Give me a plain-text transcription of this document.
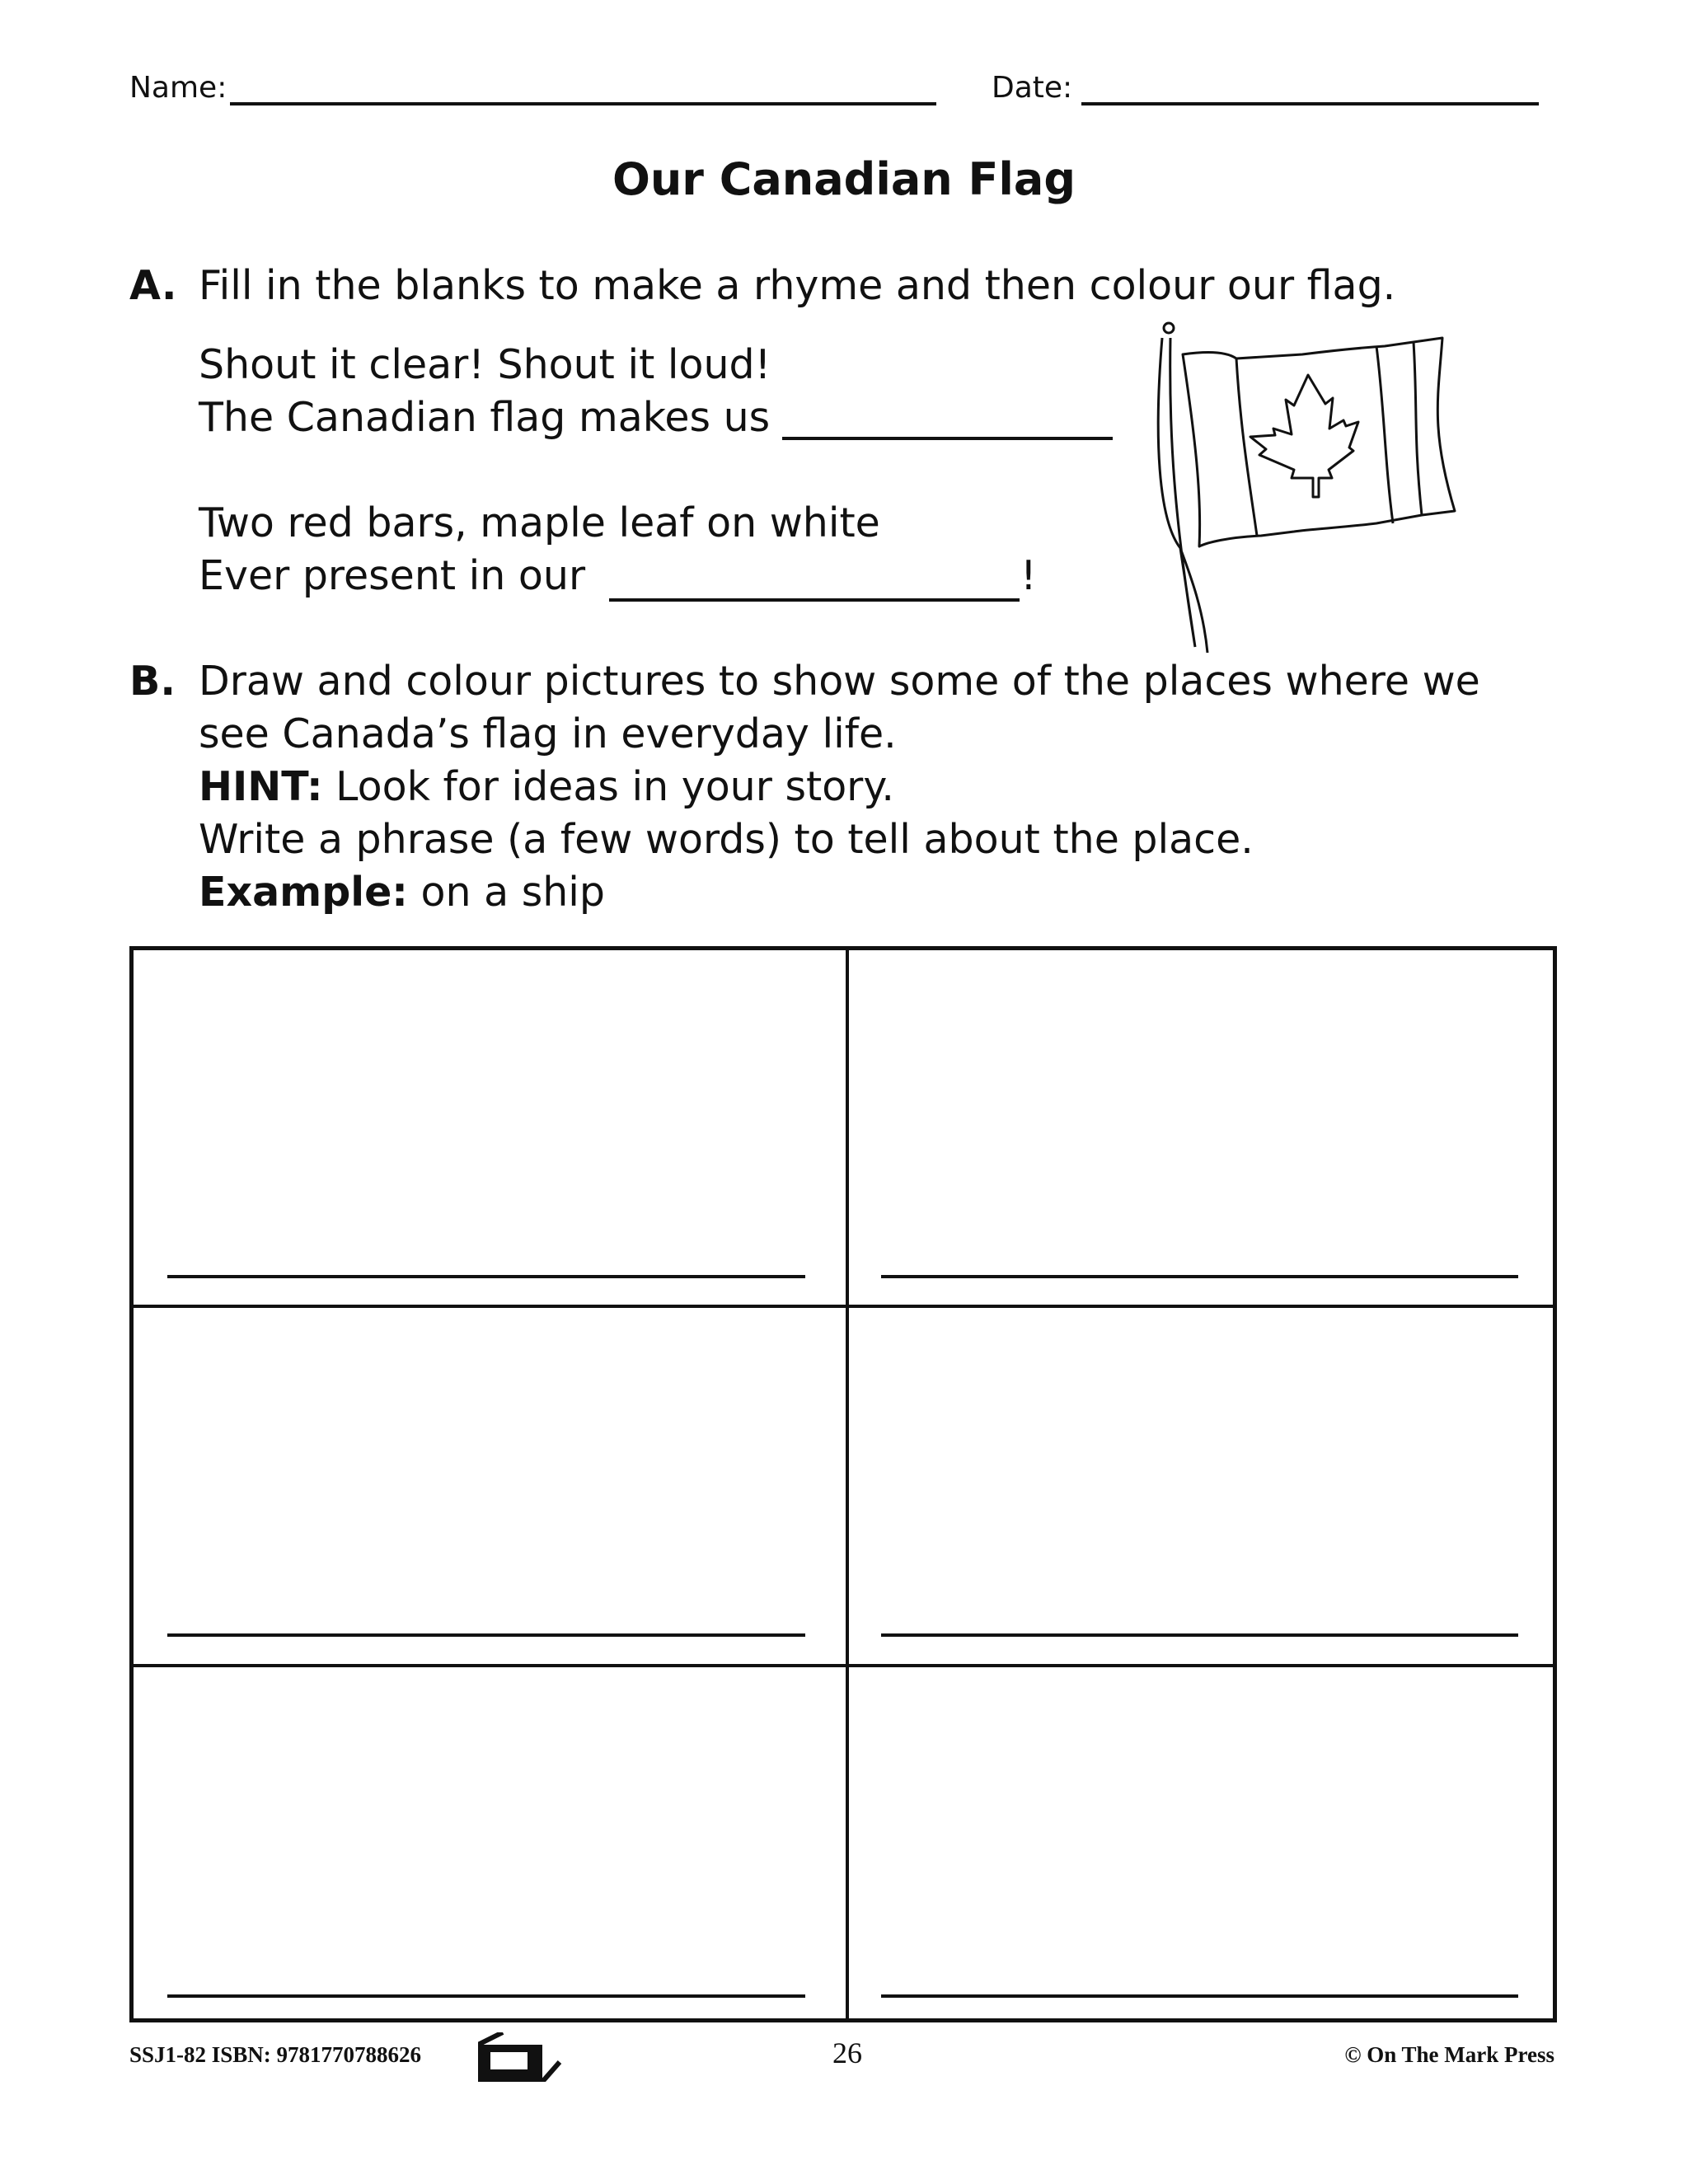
Name:	Date:
Our Canadian Flag
A. Fill in the blanks to make a rhyme and then colour our flag.
Shout it clear! Shout it loud!
The Canadian flag makes us
Two red bars, maple leaf on white
Ever present in our	!
B. Draw and colour pictures to show some of the places where we
see Canada’s flag in everyday life.
HINT: Look for ideas in your story.
Write a phrase (a few words) to tell about the place.
Example: on a ship
SSJ1-82 ISBN: 9781770788626	26	© On The Mark Press
